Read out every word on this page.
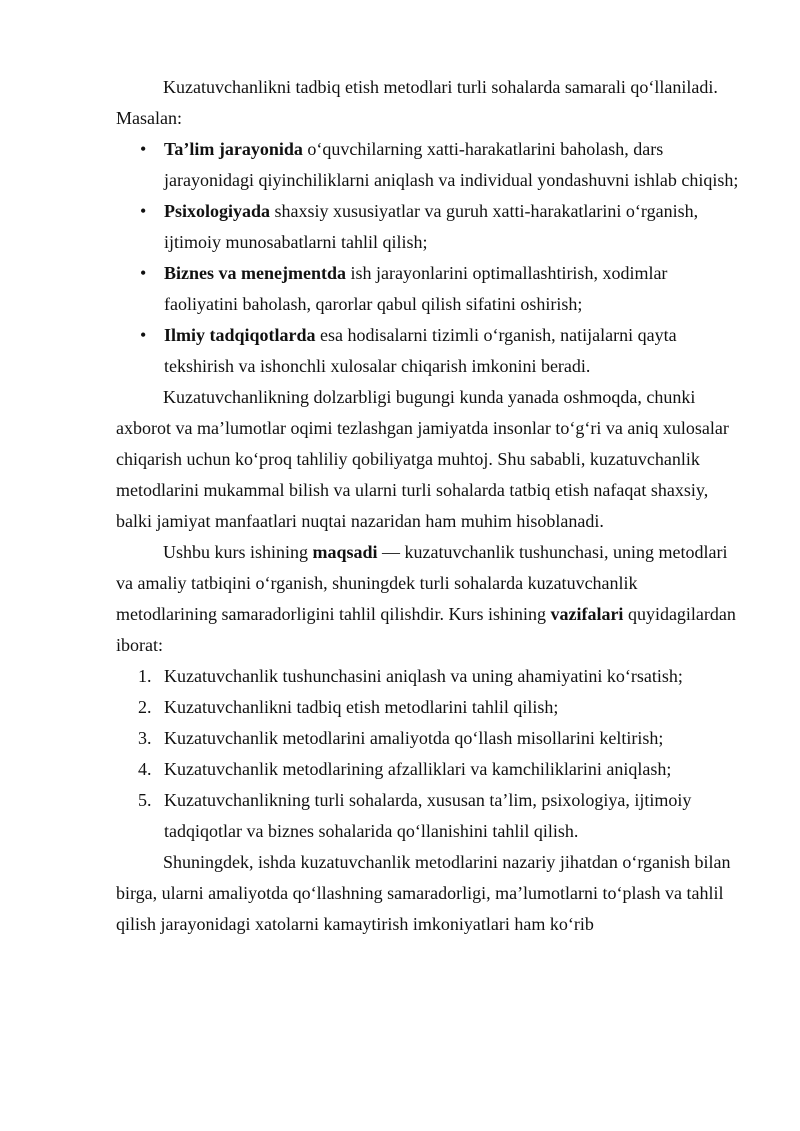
Kuzatuvchanlikni tadbiq etish metodlari turli sohalarda samarali qo‘llaniladi. Masalan:

• Ta’lim jarayonida o‘quvchilarning xatti-harakatlarini baholash, dars jarayonidagi qiyinchiliklarni aniqlash va individual yondashuvni ishlab chiqish;
• Psixologiyada shaxsiy xususiyatlar va guruh xatti-harakatlarini o‘rganish, ijtimoiy munosabatlarni tahlil qilish;
• Biznes va menejmentda ish jarayonlarini optimallashtirish, xodimlar faoliyatini baholash, qarorlar qabul qilish sifatini oshirish;
• Ilmiy tadqiqotlarda esa hodisalarni tizimli o‘rganish, natijalarni qayta tekshirish va ishonchli xulosalar chiqarish imkonini beradi.

Kuzatuvchanlikning dolzarbligi bugungi kunda yanada oshmoqda, chunki axborot va ma’lumotlar oqimi tezlashgan jamiyatda insonlar to‘g‘ri va aniq xulosalar chiqarish uchun ko‘proq tahliliy qobiliyatga muhtoj. Shu sababli, kuzatuvchanlik metodlarini mukammal bilish va ularni turli sohalarda tatbiq etish nafaqat shaxsiy, balki jamiyat manfaatlari nuqtai nazaridan ham muhim hisoblanadi.

Ushbu kurs ishining maqsadi — kuzatuvchanlik tushunchasi, uning metodlari va amaliy tatbiqini o‘rganish, shuningdek turli sohalarda kuzatuvchanlik metodlarining samaradorligini tahlil qilishdir. Kurs ishining vazifalari quyidagilardan iborat:

1. Kuzatuvchanlik tushunchasini aniqlash va uning ahamiyatini ko‘rsatish;
2. Kuzatuvchanlikni tadbiq etish metodlarini tahlil qilish;
3. Kuzatuvchanlik metodlarini amaliyotda qo‘llash misollarini keltirish;
4. Kuzatuvchanlik metodlarining afzalliklari va kamchiliklarini aniqlash;
5. Kuzatuvchanlikning turli sohalarda, xususan ta’lim, psixologiya, ijtimoiy tadqiqotlar va biznes sohalarida qo‘llanishini tahlil qilish.

Shuningdek, ishda kuzatuvchanlik metodlarini nazariy jihatdan o‘rganish bilan birga, ularni amaliyotda qo‘llashning samaradorligi, ma’lumotlarni to‘plash va tahlil qilish jarayonidagi xatolarni kamaytirish imkoniyatlari ham ko‘rib
